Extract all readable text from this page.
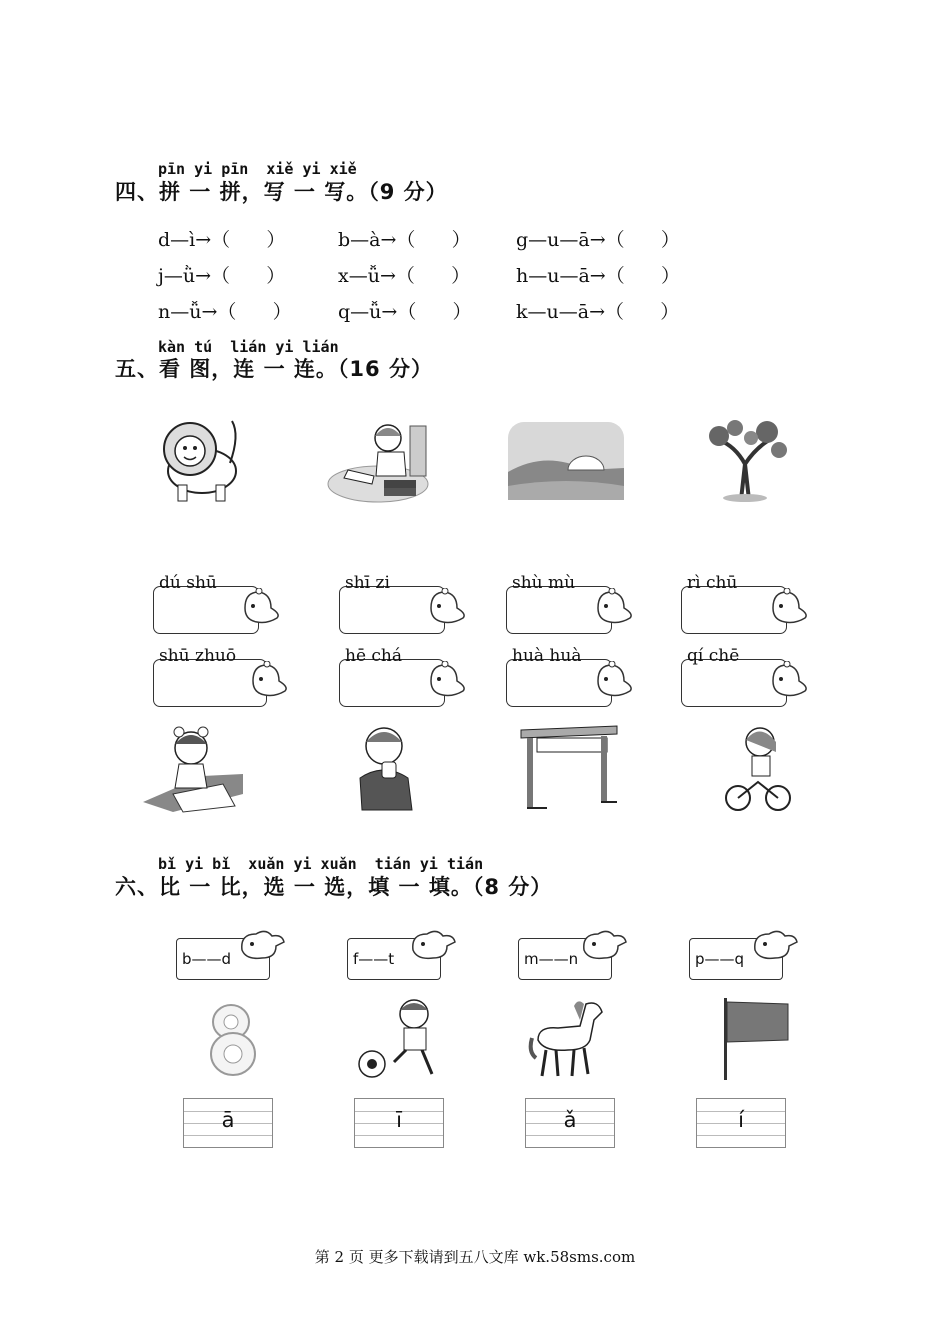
pīn yi pīn  xiě yi xiě
四、拼 一 拼，写 一 写。（9 分）
d—ì→（      ）	b—à→（      ） g—u—ā→（      ）
j—ǜ→（      ）	x—ǚ→（      ） h—u—ā→（      ）
n—ǚ→（      ） q—ǚ→（      ） k—u—ā→（      ）
kàn tú  lián yi lián
五、看 图，连 一 连。（16 分）
dú shū	shī zi	shù mù	rì chū
shū zhuō	hē chá	huà huà	qí chē
bǐ yi bǐ  xuǎn yi xuǎn  tián yi tián
六、比 一 比，选 一 选，填 一 填。（8 分）
b——d	f——t	m——n	p——q
ā	ī	ǎ	í
第 2 页 更多下载请到五八文库 wk.58sms.com
